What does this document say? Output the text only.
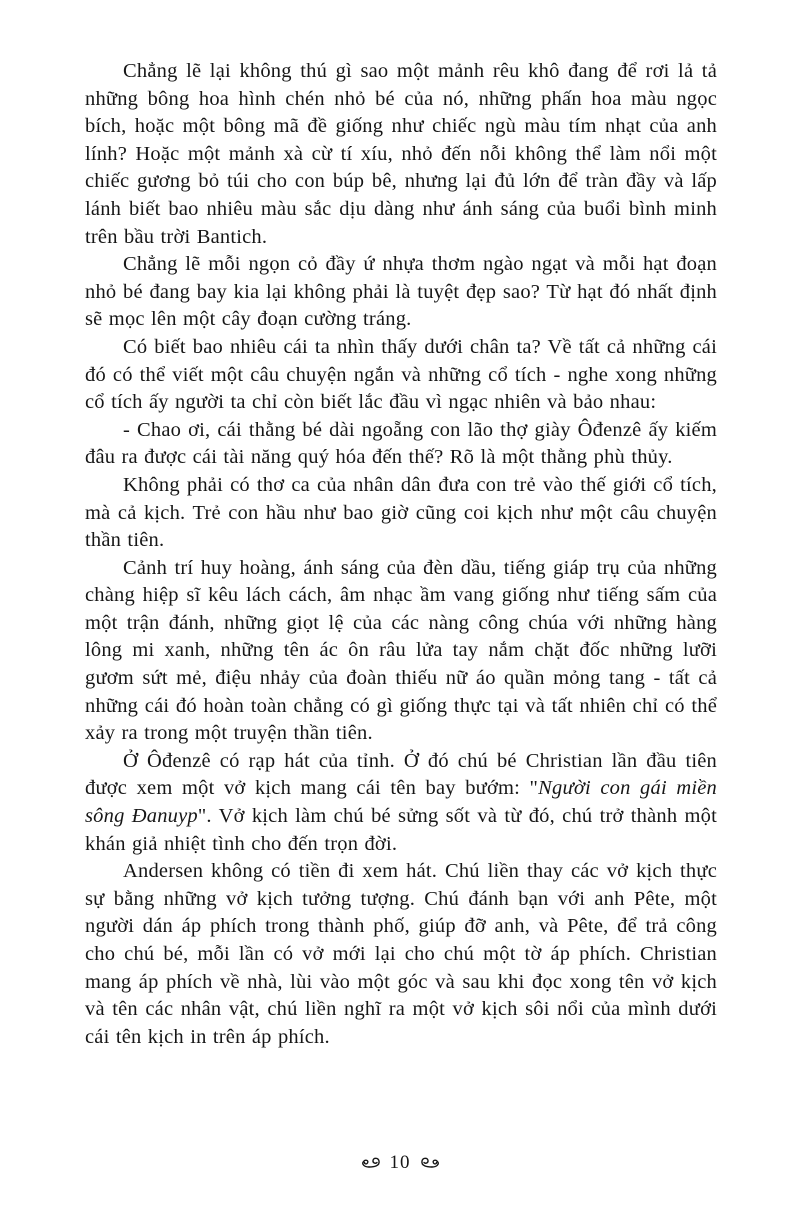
Chẳng lẽ lại không thú gì sao một mảnh rêu khô đang để rơi lả tả những bông hoa hình chén nhỏ bé của nó, những phấn hoa màu ngọc bích, hoặc một bông mã đề giống như chiếc ngù màu tím nhạt của anh lính? Hoặc một mảnh xà cừ tí xíu, nhỏ đến nỗi không thể làm nổi một chiếc gương bỏ túi cho con búp bê, nhưng lại đủ lớn để tràn đầy và lấp lánh biết bao nhiêu màu sắc dịu dàng như ánh sáng của buổi bình minh trên bầu trời Bantich.

Chẳng lẽ mỗi ngọn cỏ đầy ứ nhựa thơm ngào ngạt và mỗi hạt đoạn nhỏ bé đang bay kia lại không phải là tuyệt đẹp sao? Từ hạt đó nhất định sẽ mọc lên một cây đoạn cường tráng.

Có biết bao nhiêu cái ta nhìn thấy dưới chân ta? Về tất cả những cái đó có thể viết một câu chuyện ngắn và những cổ tích - nghe xong những cổ tích ấy người ta chỉ còn biết lắc đầu vì ngạc nhiên và bảo nhau:

- Chao ơi, cái thằng bé dài ngoẵng con lão thợ giày Ôđenzê ấy kiếm đâu ra được cái tài năng quý hóa đến thế? Rõ là một thằng phù thủy.

Không phải có thơ ca của nhân dân đưa con trẻ vào thế giới cổ tích, mà cả kịch. Trẻ con hầu như bao giờ cũng coi kịch như một câu chuyện thần tiên.

Cảnh trí huy hoàng, ánh sáng của đèn dầu, tiếng giáp trụ của những chàng hiệp sĩ kêu lách cách, âm nhạc ầm vang giống như tiếng sấm của một trận đánh, những giọt lệ của các nàng công chúa với những hàng lông mi xanh, những tên ác ôn râu lửa tay nắm chặt đốc những lưỡi gươm sứt mẻ, điệu nhảy của đoàn thiếu nữ áo quần mỏng tang - tất cả những cái đó hoàn toàn chẳng có gì giống thực tại và tất nhiên chỉ có thể xảy ra trong một truyện thần tiên.

Ở Ôđenzê có rạp hát của tỉnh. Ở đó chú bé Christian lần đầu tiên được xem một vở kịch mang cái tên bay bướm: "Người con gái miền sông Đanuyp". Vở kịch làm chú bé sửng sốt và từ đó, chú trở thành một khán giả nhiệt tình cho đến trọn đời.

Andersen không có tiền đi xem hát. Chú liền thay các vở kịch thực sự bằng những vở kịch tưởng tượng. Chú đánh bạn với anh Pête, một người dán áp phích trong thành phố, giúp đỡ anh, và Pête, để trả công cho chú bé, mỗi lần có vở mới lại cho chú một tờ áp phích. Christian mang áp phích về nhà, lùi vào một góc và sau khi đọc xong tên vở kịch và tên các nhân vật, chú liền nghĩ ra một vở kịch sôi nổi của mình dưới cái tên kịch in trên áp phích.

10
